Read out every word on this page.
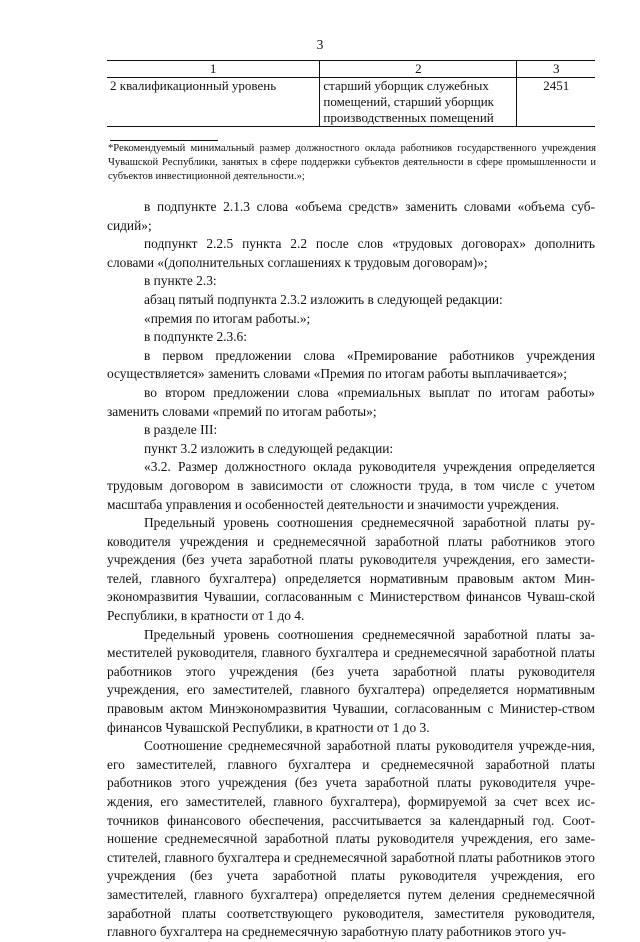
3
1	2	3
2 квалификационный уровень	старший уборщик служебных помещений, старший уборщик производственных помещений	2451
*Рекомендуемый минимальный размер должностного оклада работников государственного учреждения Чувашской Республики, занятых в сфере поддержки субъектов деятельности в сфере промышленности и субъектов инвестиционной деятельности.»;

в подпункте 2.1.3 слова «объема средств» заменить словами «объема суб-сидий»;

подпункт 2.2.5 пункта 2.2 после слов «трудовых договорах» дополнить словами «(дополнительных соглашениях к трудовым договорам)»;

в пункте 2.3:

абзац пятый подпункта 2.3.2 изложить в следующей редакции:

«премия по итогам работы.»;

в подпункте 2.3.6:

в первом предложении слова «Премирование работников учреждения осуществляется» заменить словами «Премия по итогам работы выплачивается»;

во втором предложении слова «премиальных выплат по итогам работы» заменить словами «премий по итогам работы»;

в разделе III:

пункт 3.2 изложить в следующей редакции:

«3.2. Размер должностного оклада руководителя учреждения определяется трудовым договором в зависимости от сложности труда, в том числе с учетом масштаба управления и особенностей деятельности и значимости учреждения.

Предельный уровень соотношения среднемесячной заработной платы ру-ководителя учреждения и среднемесячной заработной платы работников этого учреждения (без учета заработной платы руководителя учреждения, его замести-телей, главного бухгалтера) определяется нормативным правовым актом Мин-экономразвития Чувашии, согласованным с Министерством финансов Чуваш-ской Республики, в кратности от 1 до 4.

Предельный уровень соотношения среднемесячной заработной платы за-местителей руководителя, главного бухгалтера и среднемесячной заработной платы работников этого учреждения (без учета заработной платы руководителя учреждения, его заместителей, главного бухгалтера) определяется нормативным правовым актом Минэкономразвития Чувашии, согласованным с Министер-ством финансов Чувашской Республики, в кратности от 1 до 3.

Соотношение среднемесячной заработной платы руководителя учрежде-ния, его заместителей, главного бухгалтера и среднемесячной заработной платы работников этого учреждения (без учета заработной платы руководителя учре-ждения, его заместителей, главного бухгалтера), формируемой за счет всех ис-точников финансового обеспечения, рассчитывается за календарный год. Соот-ношение среднемесячной заработной платы руководителя учреждения, его заме-стителей, главного бухгалтера и среднемесячной заработной платы работников этого учреждения (без учета заработной платы руководителя учреждения, его заместителей, главного бухгалтера) определяется путем деления среднемесячной заработной платы соответствующего руководителя, заместителя руководителя, главного бухгалтера на среднемесячную заработную плату работников этого уч-
